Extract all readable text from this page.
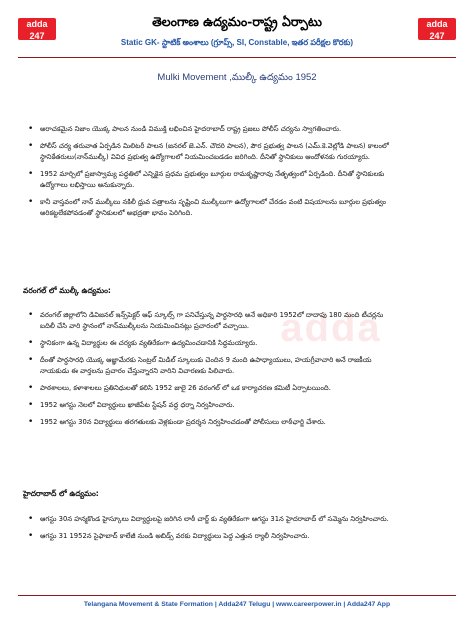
adda 247
తెలుగు
adda 247
తెలుగు
తెలంగాణ ఉద్యమం-రాష్ట్ర ఏర్పాటు
Static GK- స్టాటిక్ అంశాలు (గ్రూప్స్, SI, Constable, ఇతర పరీక్షల కొరకు)
Mulki Movement ,ముల్కీ ఉద్యమం 1952
adda
• అరాచకమైన నిజాం యొక్క పాలన నుండి విముక్తి లభించిన హైదరాబాద్ రాష్ట్ర ప్రజలు పోలీస్ చర్యను స్వాగతించారు.
• పోలీస్ చర్య తరువాత ఏర్పడిన మిలిటరీ పాలన (జనరల్ జె.ఎన్. చౌదరి పాలన), పౌర ప్రభుత్వ పాలన (ఎమ్.కె.వెల్లోడి పాలన) కాలంలో స్థానికేతరులు(నాన్‌ముల్కీ) వివిధ ప్రభుత్వ ఉద్యోగాలలో నియమించబడడం జరిగింది. దీనితో స్థానికులు ఆందోళనకు గురయ్యారు.
• 1952 మార్చిలో ప్రజాస్వామ్య పద్ధతిలో ఎన్నికైన ప్రధమ ప్రభుత్వం బూర్గుల రామకృష్ణారావు నేతృత్వంలో ఏర్పడింది. దీనితో స్థానికులకు ఉద్యోగాలు లభిస్తాయి అనుకున్నారు.
• కానీ వాస్తవంలో నాన్ ముల్కీలు నకిలీ ధ్రువ పత్రాలను సృష్టించి ముల్కీలుగా ఉద్యోగాలలో చేరడం వంటి విషయాలను బూర్గుల ప్రభుత్వం అరికట్టలేకపోవడంతో స్థానికులలో అభద్రతా భావం పెరిగింది.
వరంగల్ లో ముల్కీ ఉద్యమం:
• వరంగల్ జిల్లాలోని డివిజనల్ ఇన్స్‌పెక్టర్ ఆఫ్ స్కూల్స్ గా పనిచేస్తున్న పార్థసారధి అనే అధికారి 1952లో దాదాపు 180 మంది టీచర్లను బదిలీ చేసి వారి స్థానంలో నాన్‌ముల్కీలను నియమించినట్లు ప్రచారంలో వచ్చాయి.
• స్థానికంగా ఉన్న విద్యార్థుల ఈ చర్యకు వ్యతిరేకంగా ఉద్యమించడానికి సిద్ధమయ్యారు.
• దీంతో పార్థసారధి యొక్క ఆజ్ఞామేరకు సెంట్రల్ మిడిల్ స్కూలుకు చెందిన 9 మంది ఉపాధ్యాయులు, హయగ్రీవాచారి అనే రాజకీయ నాయకుడు ఈ వార్తలను ప్రచారం చేస్తున్నారని వారిని విచారణకు పిలిచారు.
• పాఠశాలలు, కళాశాలలు ప్రతినిధులతో కలిసి 1952 జులై 26 వరంగల్ లో ఒక కార్యాచరణ కమిటీ ఏర్పాటయింది.
• 1952 ఆగస్టు నెలలో విద్యార్థులు ఖాజీపేట స్టేషన్ వద్ద ధర్నా నిర్వహించారు.
• 1952 ఆగస్టు 30న విద్యార్థులు తరగతులకు వెళ్లకుండా ప్రదర్శన నిర్వహించడంతో పోలీసులు లాఠీఛార్జి చేశారు.
హైదరాబాద్ లో ఉద్యమం:
• ఆగస్టు 30న హన్మకొండ హైస్కూలు విద్యార్థులపై జరిగిన లాఠీ చార్జ్ కు వ్యతిరేకంగా ఆగస్టు 31న హైదరాబాద్ లో సమ్మెను నిర్వహించారు.
• ఆగస్టు 31 1952న సైఫాబాద్ కాలేజీ నుండి అబిడ్స్ వరకు విద్యార్థులు పెద్ద ఎత్తున ర్యాలీ నిర్వహించారు.
Telangana Movement & State Formation | Adda247 Telugu | www.careerpower.in | Adda247 App
